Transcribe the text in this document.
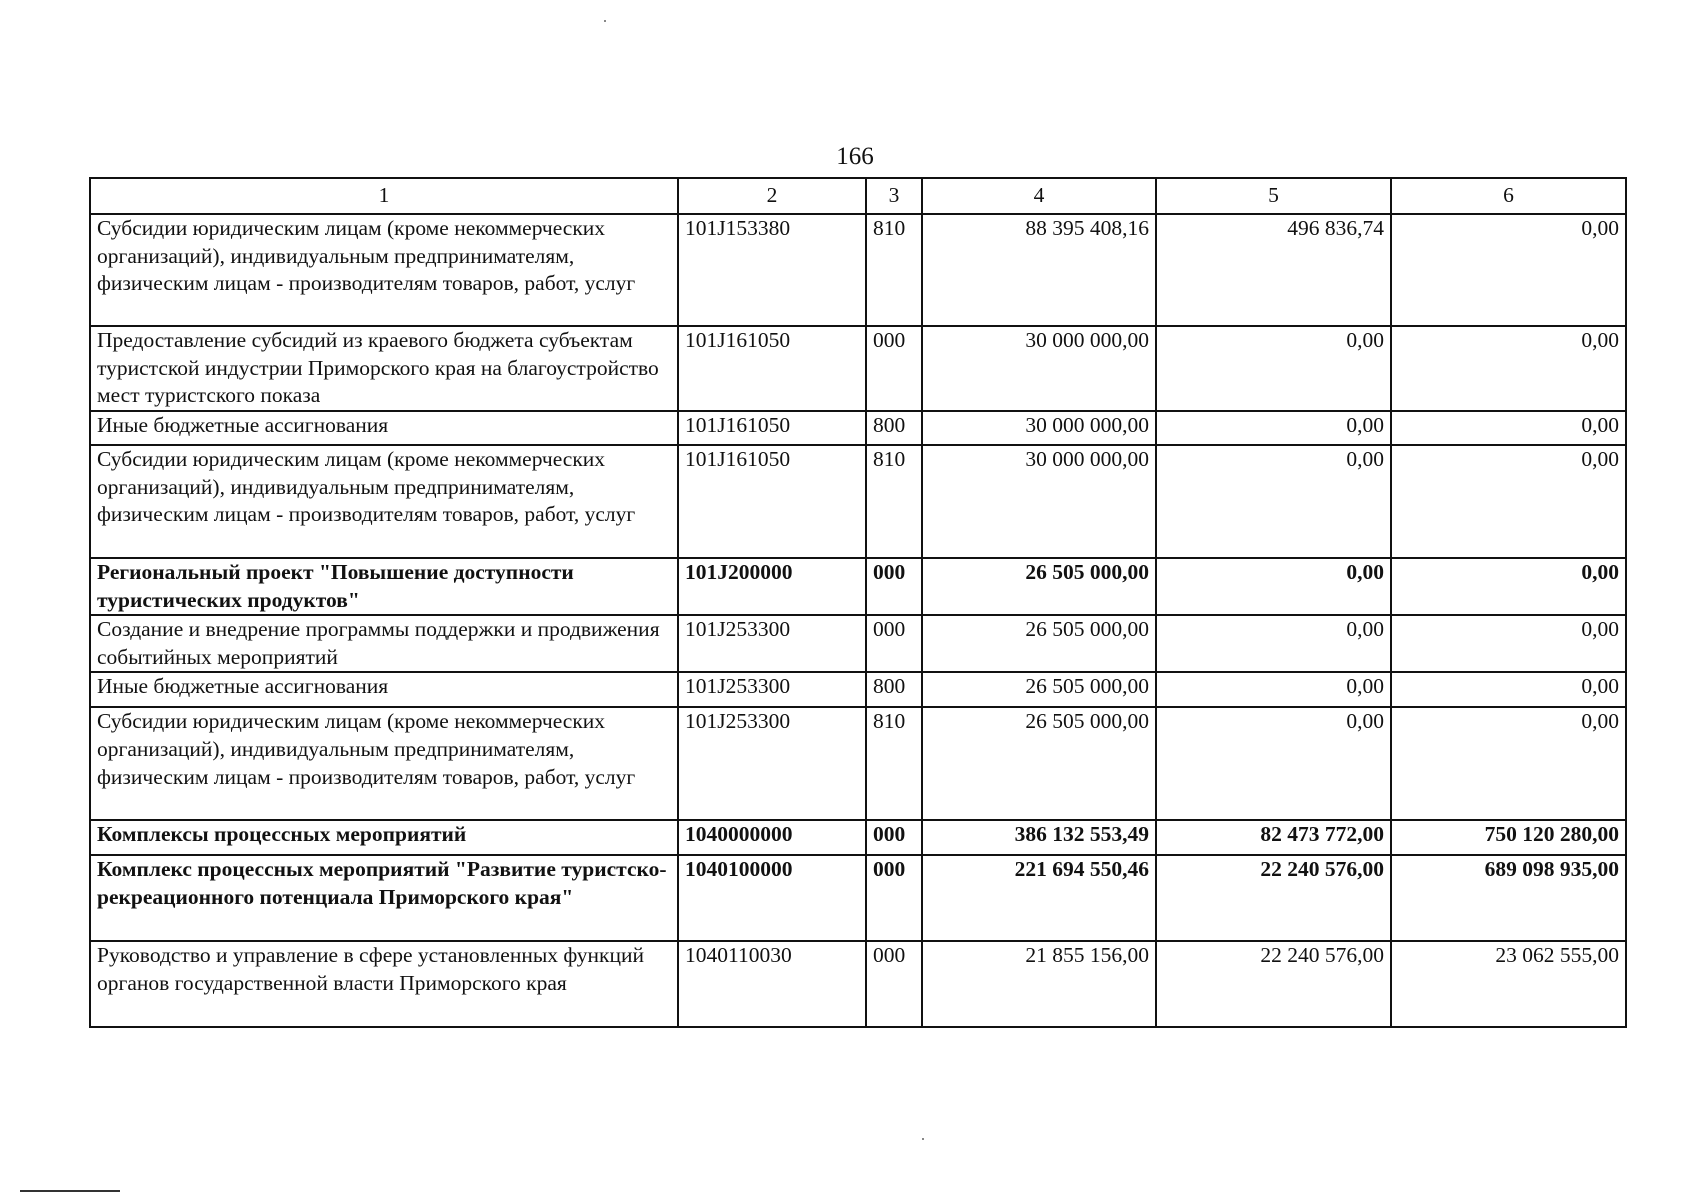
166
1	2	3	4	5	6
Субсидии юридическим лицам (кроме некоммерческих организаций), индивидуальным предпринимателям, физическим лицам - производителям товаров, работ, услуг	101J153380	810	88 395 408,16	496 836,74	0,00
Предоставление субсидий из краевого бюджета субъектам туристской индустрии Приморского края на благоустройство мест туристского показа	101J161050	000	30 000 000,00	0,00	0,00
Иные бюджетные ассигнования	101J161050	800	30 000 000,00	0,00	0,00
Субсидии юридическим лицам (кроме некоммерческих организаций), индивидуальным предпринимателям, физическим лицам - производителям товаров, работ, услуг	101J161050	810	30 000 000,00	0,00	0,00
Региональный проект "Повышение доступности туристических продуктов"	101J200000	000	26 505 000,00	0,00	0,00
Создание и внедрение программы поддержки и продвижения событийных мероприятий	101J253300	000	26 505 000,00	0,00	0,00
Иные бюджетные ассигнования	101J253300	800	26 505 000,00	0,00	0,00
Субсидии юридическим лицам (кроме некоммерческих организаций), индивидуальным предпринимателям, физическим лицам - производителям товаров, работ, услуг	101J253300	810	26 505 000,00	0,00	0,00
Комплексы процессных мероприятий	1040000000	000	386 132 553,49	82 473 772,00	750 120 280,00
Комплекс процессных мероприятий "Развитие туристско-рекреационного потенциала Приморского края"	1040100000	000	221 694 550,46	22 240 576,00	689 098 935,00
Руководство и управление в сфере установленных функций органов государственной власти Приморского края	1040110030	000	21 855 156,00	22 240 576,00	23 062 555,00
